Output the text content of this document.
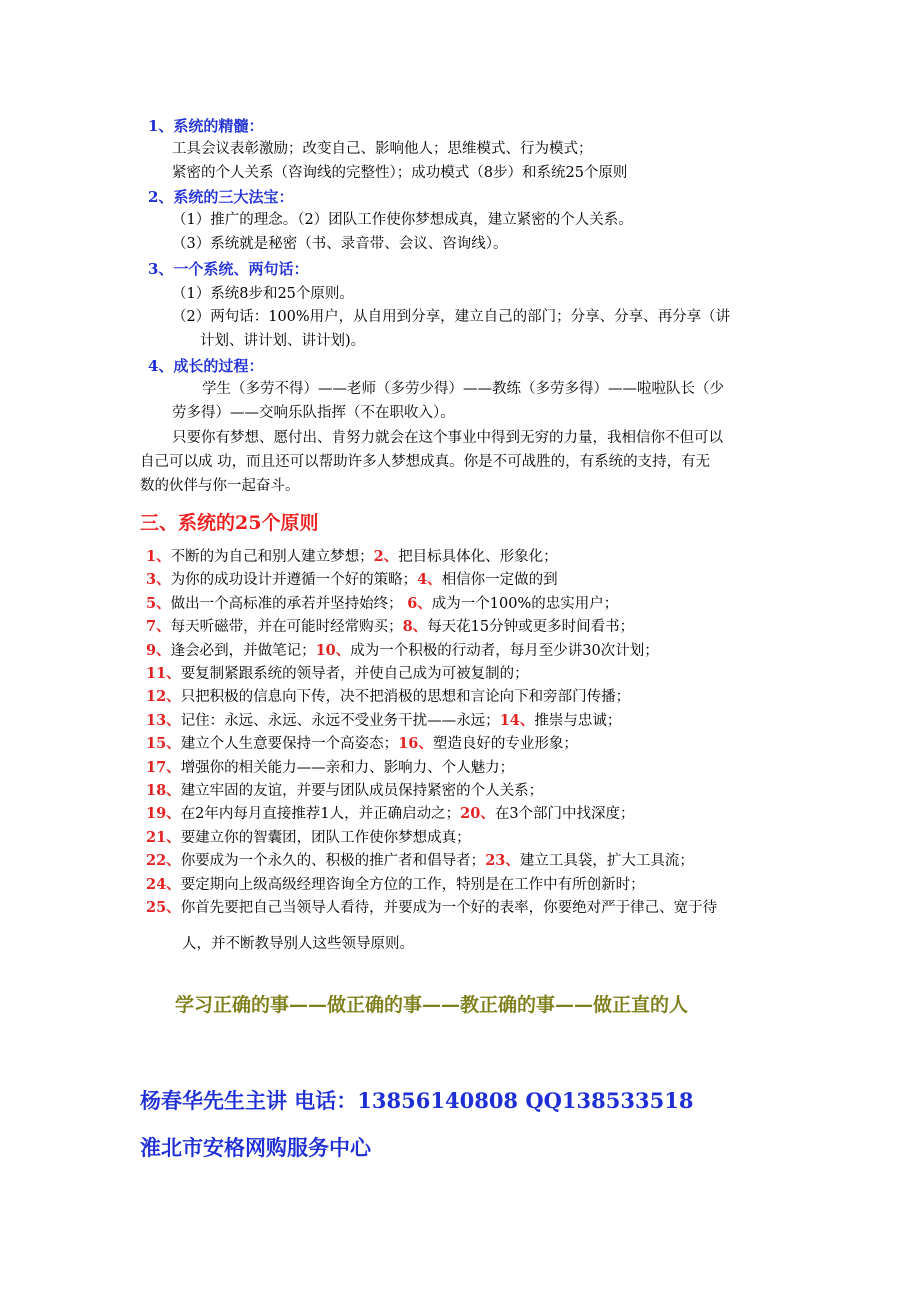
1、系统的精髓：
工具会议表彰激励；改变自己、影响他人；思维模式、行为模式；
紧密的个人关系（咨询线的完整性）；成功模式（8步）和系统25个原则
2、系统的三大法宝：
（1）推广的理念。（2）团队工作使你梦想成真，建立紧密的个人关系。
（3）系统就是秘密（书、录音带、会议、咨询线）。
3、一个系统、两句话：
（1）系统8步和25个原则。
（2）两句话：100%用户，从自用到分享，建立自己的部门；分享、分享、再分享（讲
计划、讲计划、讲计划)。
4、成长的过程：
学生（多劳不得）——老师（多劳少得）——教练（多劳多得）——啦啦队长（少
劳多得）——交响乐队指挥（不在职收入）。
只要你有梦想、愿付出、肯努力就会在这个事业中得到无穷的力量，我相信你不但可以
自己可以成 功，而且还可以帮助许多人梦想成真。你是不可战胜的，有系统的支持，有无
数的伙伴与你一起奋斗。
三、系统的25个原则
1、不断的为自己和别人建立梦想；2、把目标具体化、形象化；
3、为你的成功设计并遵循一个好的策略；4、相信你一定做的到
5、做出一个高标准的承若并坚持始终； 6、成为一个100%的忠实用户；
7、每天听磁带，并在可能时经常购买；8、每天花15分钟或更多时间看书；
9、逢会必到，并做笔记；10、成为一个积极的行动者，每月至少讲30次计划；
11、要复制紧跟系统的领导者，并使自己成为可被复制的；
12、只把积极的信息向下传，决不把消极的思想和言论向下和旁部门传播；
13、记住：永远、永远、永远不受业务干扰——永远；14、推崇与忠诚；
15、建立个人生意要保持一个高姿态；16、塑造良好的专业形象；
17、增强你的相关能力——亲和力、影响力、个人魅力；
18、建立牢固的友谊，并要与团队成员保持紧密的个人关系；
19、在2年内每月直接推荐1人，并正确启动之；20、在3个部门中找深度；
21、要建立你的智囊团，团队工作使你梦想成真；
22、你要成为一个永久的、积极的推广者和倡导者；23、建立工具袋，扩大工具流；
24、要定期向上级高级经理咨询全方位的工作，特别是在工作中有所创新时；
25、你首先要把自己当领导人看待，并要成为一个好的表率，你要绝对严于律己、宽于待
人，并不断教导别人这些领导原则。
学习正确的事——做正确的事——教正确的事——做正直的人
杨春华先生主讲 电话：13856140808 QQ138533518
淮北市安格网购服务中心
